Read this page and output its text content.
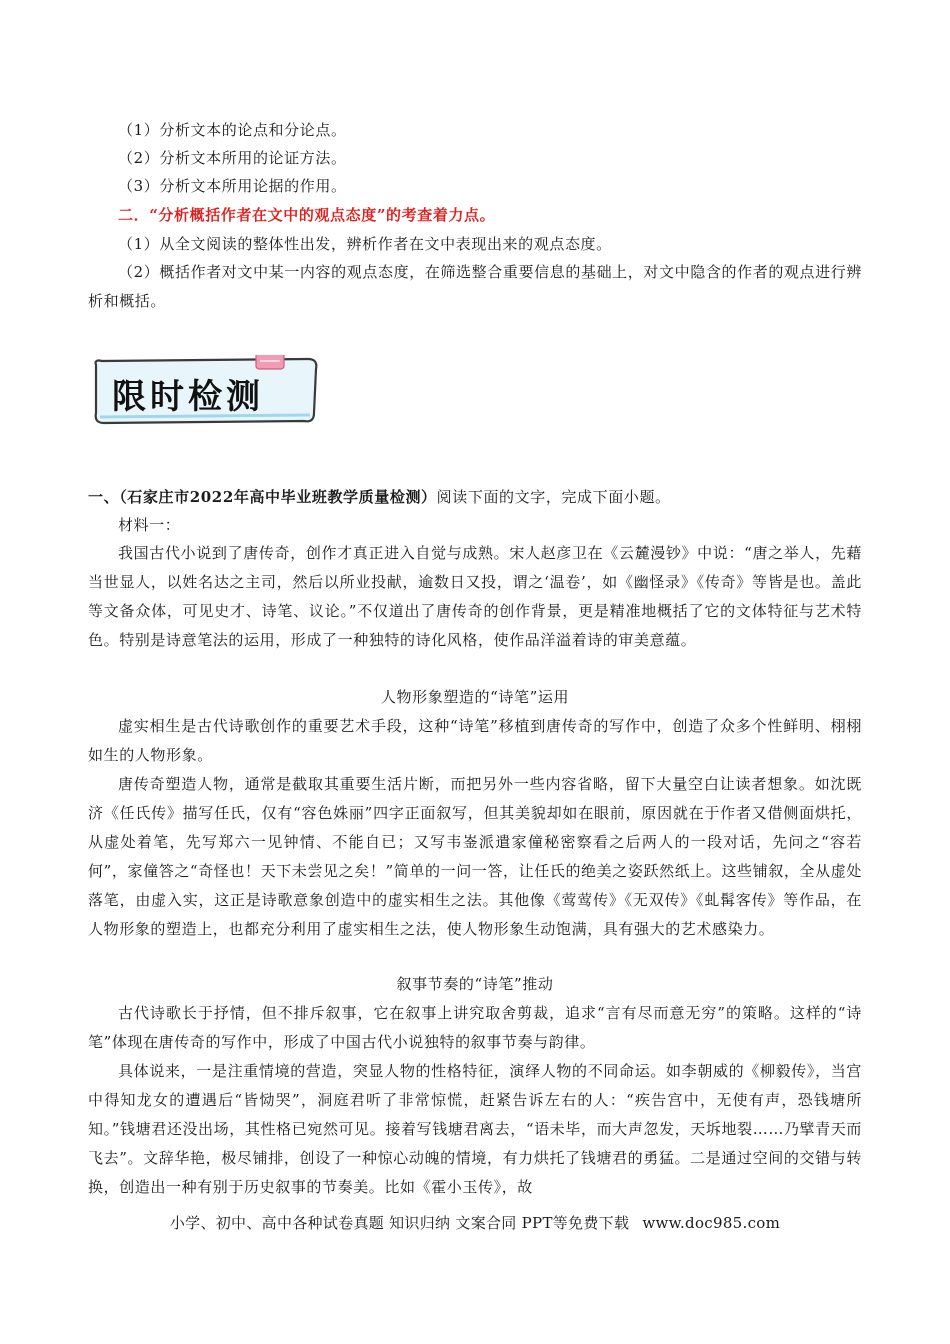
（1）分析文本的论点和分论点。

（2）分析文本所用的论证方法。

（3）分析文本所用论据的作用。

二．“分析概括作者在文中的观点态度”的考查着力点。

（1）从全文阅读的整体性出发，辨析作者在文中表现出来的观点态度。

（2）概括作者对文中某一内容的观点态度，在筛选整合重要信息的基础上，对文中隐含的作者的观点进行辨析和概括。

限时检测

一、（石家庄市2022年高中毕业班教学质量检测）阅读下面的文字，完成下面小题。

材料一：

我国古代小说到了唐传奇，创作才真正进入自觉与成熟。宋人赵彦卫在《云麓漫钞》中说：“唐之举人，先藉当世显人，以姓名达之主司，然后以所业投献，逾数日又投，谓之‘温卷’，如《幽怪录》《传奇》等皆是也。盖此等文备众体，可见史才、诗笔、议论。”不仅道出了唐传奇的创作背景，更是精准地概括了它的文体特征与艺术特色。特别是诗意笔法的运用，形成了一种独特的诗化风格，使作品洋溢着诗的审美意蕴。

人物形象塑造的“诗笔”运用

虚实相生是古代诗歌创作的重要艺术手段，这种“诗笔”移植到唐传奇的写作中，创造了众多个性鲜明、栩栩如生的人物形象。

唐传奇塑造人物，通常是截取其重要生活片断，而把另外一些内容省略，留下大量空白让读者想象。如沈既济《任氏传》描写任氏，仅有“容色姝丽”四字正面叙写，但其美貌却如在眼前，原因就在于作者又借侧面烘托，从虚处着笔，先写郑六一见钟情、不能自已；又写韦崟派遣家僮秘密察看之后两人的一段对话，先问之“容若何”，家僮答之“奇怪也！天下未尝见之矣！”简单的一问一答，让任氏的绝美之姿跃然纸上。这些铺叙，全从虚处落笔，由虚入实，这正是诗歌意象创造中的虚实相生之法。其他像《莺莺传》《无双传》《虬髯客传》等作品，在人物形象的塑造上，也都充分利用了虚实相生之法，使人物形象生动饱满，具有强大的艺术感染力。

叙事节奏的“诗笔”推动

古代诗歌长于抒情，但不排斥叙事，它在叙事上讲究取舍剪裁，追求“言有尽而意无穷”的策略。这样的“诗笔”体现在唐传奇的写作中，形成了中国古代小说独特的叙事节奏与韵律。

具体说来，一是注重情境的营造，突显人物的性格特征，演绎人物的不同命运。如李朝威的《柳毅传》，当宫中得知龙女的遭遇后“皆恸哭”，洞庭君听了非常惊慌，赶紧告诉左右的人：“疾告宫中，无使有声，恐钱塘所知。”钱塘君还没出场，其性格已宛然可见。接着写钱塘君离去，“语未毕，而大声忽发，天坼地裂……乃擘青天而飞去”。文辞华艳，极尽铺排，创设了一种惊心动魄的情境，有力烘托了钱塘君的勇猛。二是通过空间的交错与转换，创造出一种有别于历史叙事的节奏美。比如《霍小玉传》，故

小学、初中、高中各种试卷真题 知识归纳 文案合同 PPT等免费下载 www.doc985.com
